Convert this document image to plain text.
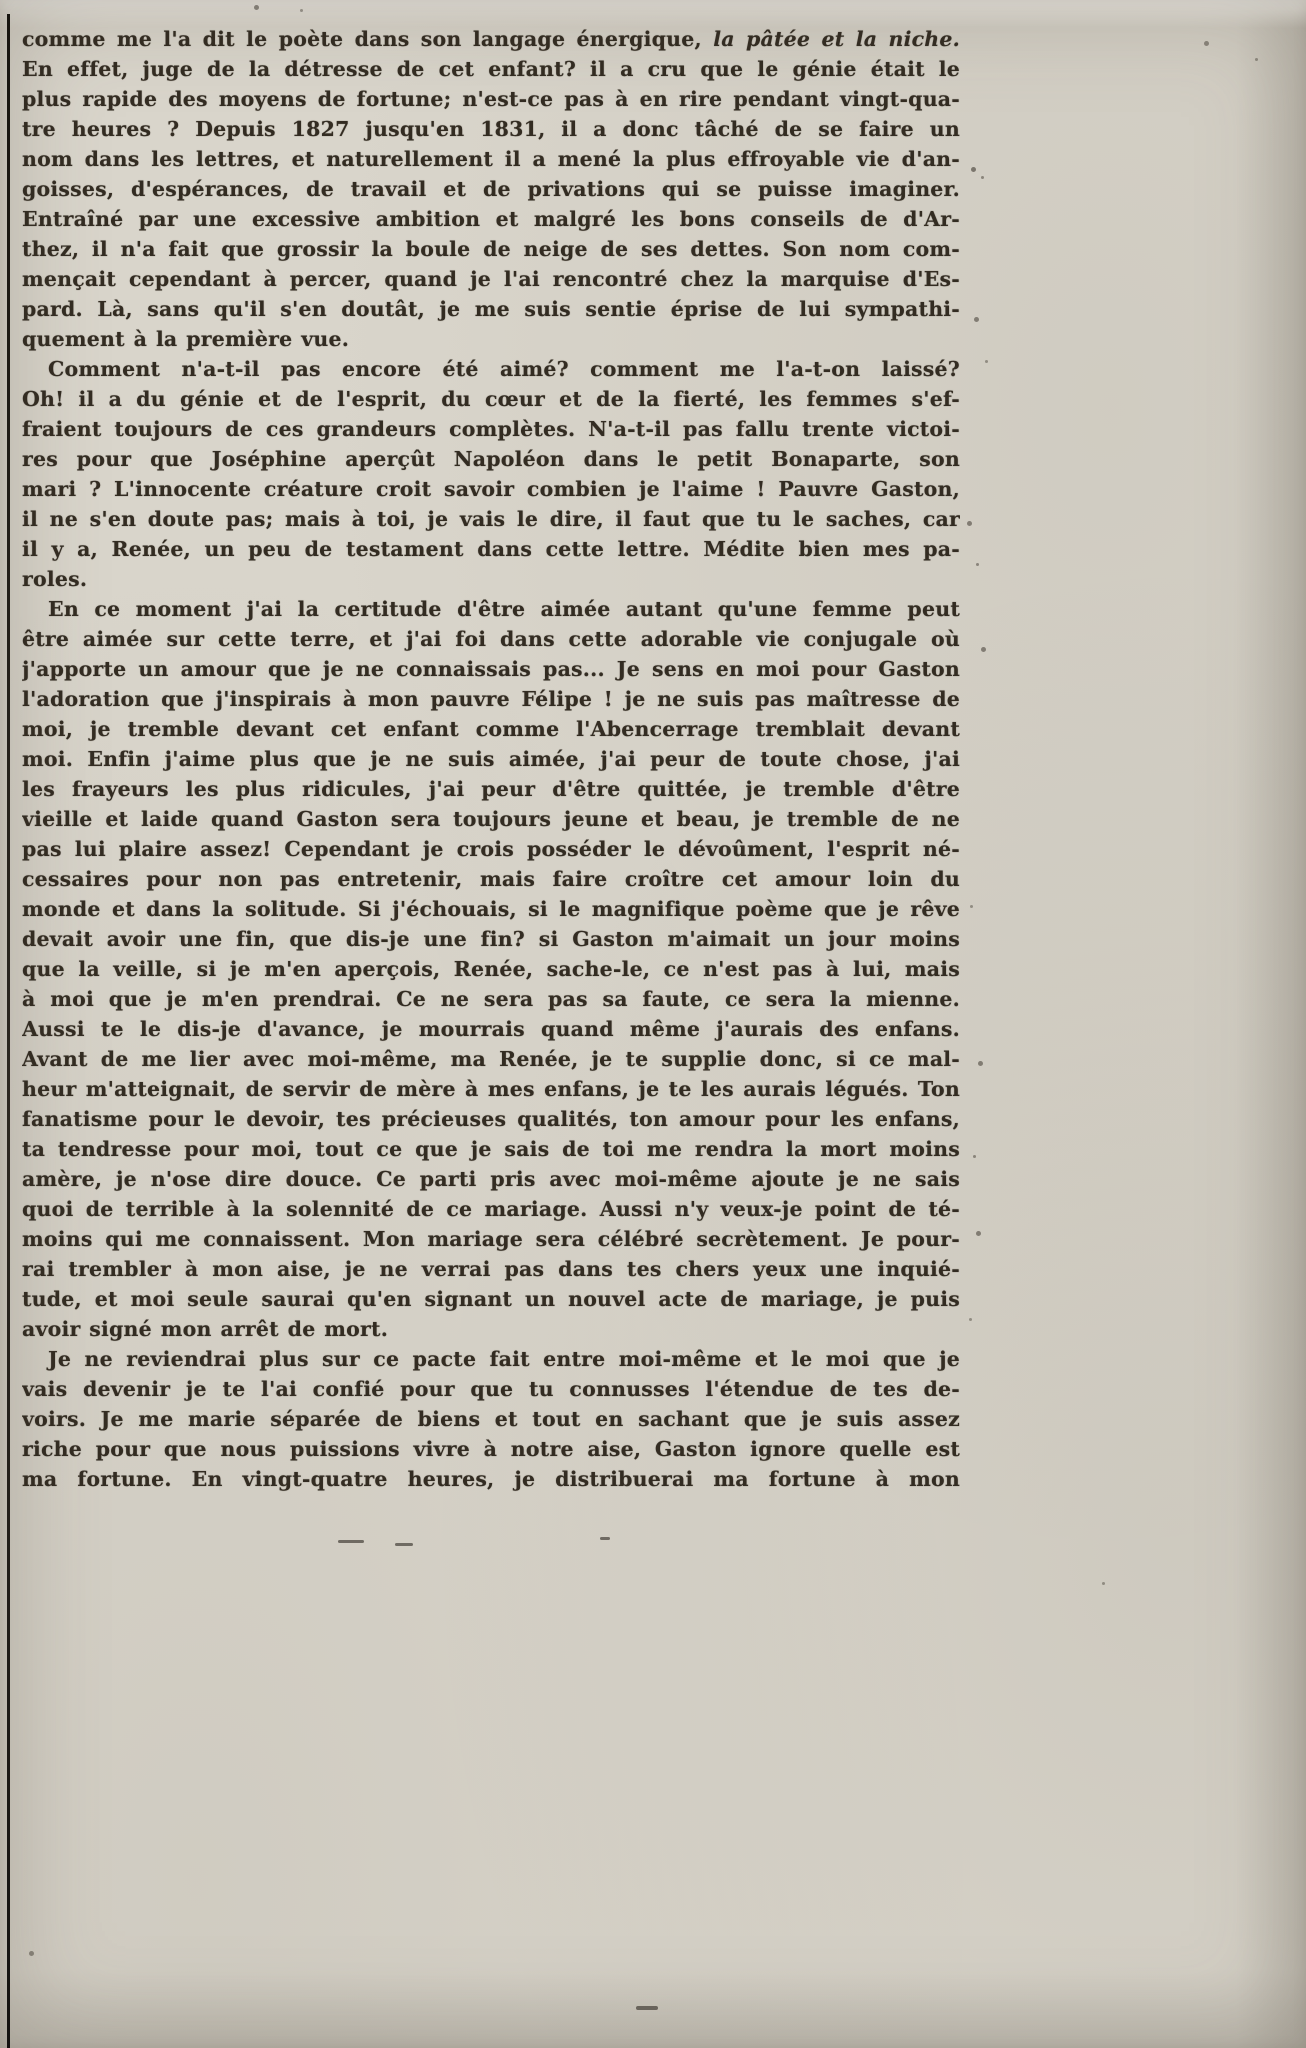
comme me l'a dit le poète dans son langage énergique, la pâtée et la niche.
En effet, juge de la détresse de cet enfant? il a cru que le génie était le
plus rapide des moyens de fortune; n'est-ce pas à en rire pendant vingt-qua-
tre heures ? Depuis 1827 jusqu'en 1831, il a donc tâché de se faire un
nom dans les lettres, et naturellement il a mené la plus effroyable vie d'an-
goisses, d'espérances, de travail et de privations qui se puisse imaginer.
Entraîné par une excessive ambition et malgré les bons conseils de d'Ar-
thez, il n'a fait que grossir la boule de neige de ses dettes. Son nom com-
mençait cependant à percer, quand je l'ai rencontré chez la marquise d'Es-
pard. Là, sans qu'il s'en doutât, je me suis sentie éprise de lui sympathi-
quement à la première vue.
Comment n'a-t-il pas encore été aimé? comment me l'a-t-on laissé?
Oh! il a du génie et de l'esprit, du cœur et de la fierté, les femmes s'ef-
fraient toujours de ces grandeurs complètes. N'a-t-il pas fallu trente victoi-
res pour que Joséphine aperçût Napoléon dans le petit Bonaparte, son
mari ? L'innocente créature croit savoir combien je l'aime ! Pauvre Gaston,
il ne s'en doute pas; mais à toi, je vais le dire, il faut que tu le saches, car
il y a, Renée, un peu de testament dans cette lettre. Médite bien mes pa-
roles.
En ce moment j'ai la certitude d'être aimée autant qu'une femme peut
être aimée sur cette terre, et j'ai foi dans cette adorable vie conjugale où
j'apporte un amour que je ne connaissais pas... Je sens en moi pour Gaston
l'adoration que j'inspirais à mon pauvre Félipe ! je ne suis pas maîtresse de
moi, je tremble devant cet enfant comme l'Abencerrage tremblait devant
moi. Enfin j'aime plus que je ne suis aimée, j'ai peur de toute chose, j'ai
les frayeurs les plus ridicules, j'ai peur d'être quittée, je tremble d'être
vieille et laide quand Gaston sera toujours jeune et beau, je tremble de ne
pas lui plaire assez! Cependant je crois posséder le dévoûment, l'esprit né-
cessaires pour non pas entretenir, mais faire croître cet amour loin du
monde et dans la solitude. Si j'échouais, si le magnifique poème que je rêve
devait avoir une fin, que dis-je une fin? si Gaston m'aimait un jour moins
que la veille, si je m'en aperçois, Renée, sache-le, ce n'est pas à lui, mais
à moi que je m'en prendrai. Ce ne sera pas sa faute, ce sera la mienne.
Aussi te le dis-je d'avance, je mourrais quand même j'aurais des enfans.
Avant de me lier avec moi-même, ma Renée, je te supplie donc, si ce mal-
heur m'atteignait, de servir de mère à mes enfans, je te les aurais légués. Ton
fanatisme pour le devoir, tes précieuses qualités, ton amour pour les enfans,
ta tendresse pour moi, tout ce que je sais de toi me rendra la mort moins
amère, je n'ose dire douce. Ce parti pris avec moi-même ajoute je ne sais
quoi de terrible à la solennité de ce mariage. Aussi n'y veux-je point de té-
moins qui me connaissent. Mon mariage sera célébré secrètement. Je pour-
rai trembler à mon aise, je ne verrai pas dans tes chers yeux une inquié-
tude, et moi seule saurai qu'en signant un nouvel acte de mariage, je puis
avoir signé mon arrêt de mort.
Je ne reviendrai plus sur ce pacte fait entre moi-même et le moi que je
vais devenir je te l'ai confié pour que tu connusses l'étendue de tes de-
voirs. Je me marie séparée de biens et tout en sachant que je suis assez
riche pour que nous puissions vivre à notre aise, Gaston ignore quelle est
ma fortune. En vingt-quatre heures, je distribuerai ma fortune à mon
